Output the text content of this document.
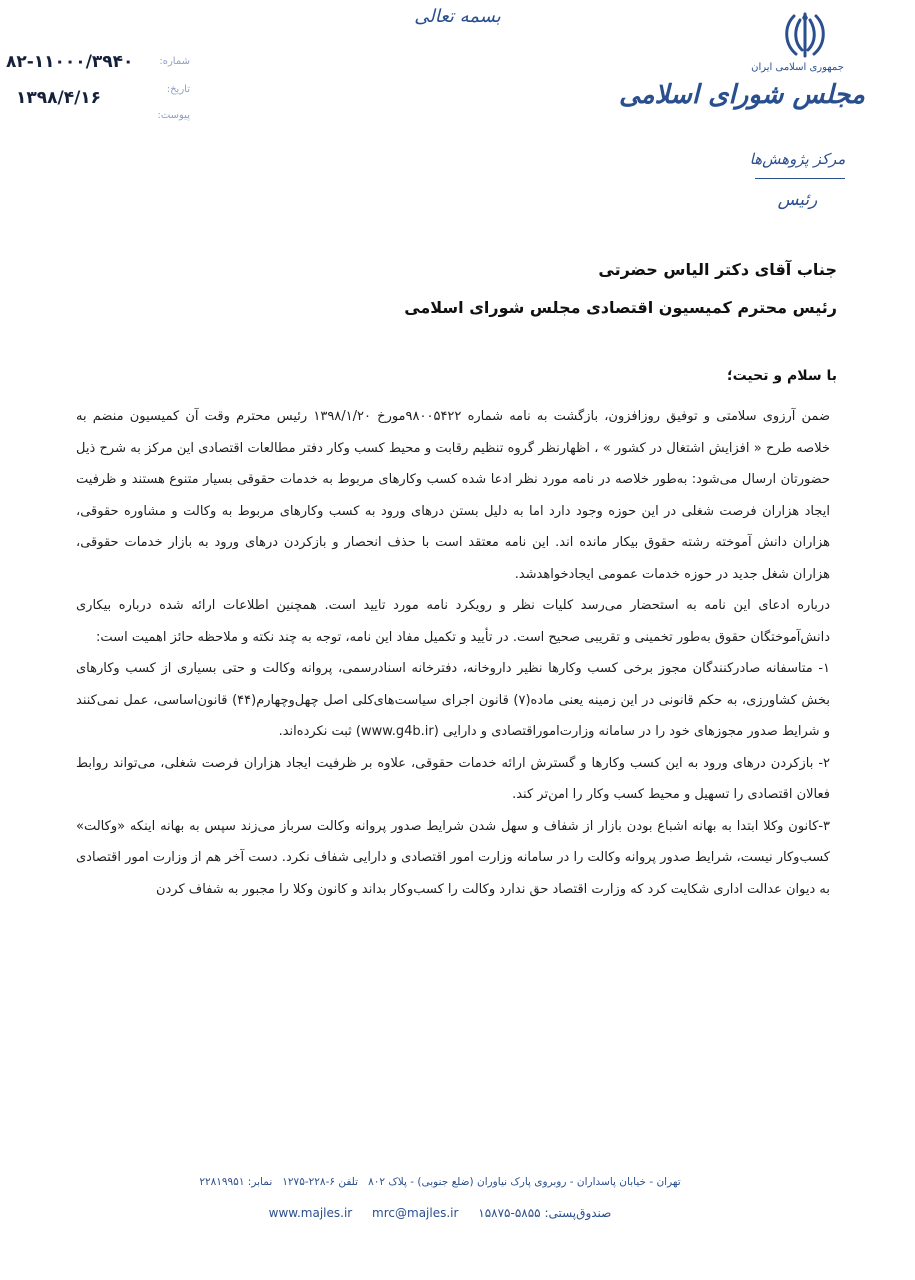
بسمه تعالی
شماره:
تاریخ:
پیوست:
۸۲-۱۱۰۰۰/۳۹۴۰
۱۳۹۸/۴/۱۶
جمهوری اسلامی ایران
مجلس شورای اسلامی
مرکز پژوهش‌ها
رئیس
جناب آقای دکتر الیاس حضرتی
رئیس محترم کمیسیون اقتصادی مجلس شورای اسلامی
با سلام و تحیت؛

ضمن آرزوی سلامتی و توفیق روزافزون، بازگشت به نامه شماره ۹۸۰۰۵۴۲۲مورخ ۱۳۹۸/۱/۲۰ رئیس محترم وقت آن کمیسیون منضم به خلاصه طرح « افزایش اشتغال در کشور » ، اظهارنظر گروه تنظیم رقابت و محیط کسب وکار دفتر مطالعات اقتصادی این مرکز به شرح ذیل حضورتان ارسال می‌شود: به‌طور خلاصه در نامه مورد نظر ادعا شده کسب وکارهای مربوط به خدمات حقوقی بسیار متنوع هستند و ظرفیت ایجاد هزاران فرصت شغلی در این حوزه وجود دارد اما به دلیل بستن درهای ورود به کسب وکارهای مربوط به وکالت و مشاوره حقوقی، هزاران دانش آموخته رشته حقوق بیکار مانده اند. این نامه معتقد است با حذف انحصار و بازکردن درهای ورود به بازار خدمات حقوقی، هزاران شغل جدید در حوزه خدمات عمومی ایجادخواهدشد.

درباره ادعای این نامه به استحضار می‌رسد کلیات نظر و رویکرد نامه مورد تایید است. همچنین اطلاعات ارائه شده درباره بیکاری دانش‌آموختگان حقوق به‌طور تخمینی و تقریبی صحیح است. در تأیید و تکمیل مفاد این نامه، توجه به چند نکته و ملاحظه حائز اهمیت است:

۱- متاسفانه صادرکنندگان مجوز برخی کسب وکارها نظیر داروخانه، دفترخانه اسنادرسمی، پروانه وکالت و حتی بسیاری از کسب وکارهای بخش کشاورزی، به حکم قانونی در این زمینه یعنی ماده(۷) قانون اجرای سیاست‌های‌کلی اصل چهل‌وچهارم(۴۴) قانون‌اساسی، عمل نمی‌کنند و شرایط صدور مجوزهای خود را در سامانه وزارت‌اموراقتصادی و دارایی (www.g4b.ir) ثبت نکرده‌اند.

۲- بازکردن درهای ورود به این کسب وکارها و گسترش ارائه خدمات حقوقی، علاوه بر ظرفیت ایجاد هزاران فرصت شغلی، می‌تواند روابط فعالان اقتصادی را تسهیل و محیط کسب وکار را امن‌تر کند.

۳-کانون وکلا ابتدا به بهانه اشباع بودن بازار از شفاف و سهل شدن شرایط صدور پروانه وکالت سرباز می‌زند سپس به بهانه اینکه «وکالت» کسب‌وکار نیست، شرایط صدور پروانه وکالت را در سامانه وزارت امور اقتصادی و دارایی شفاف نکرد. دست آخر هم از وزارت امور اقتصادی به دیوان عدالت اداری شکایت کرد که وزارت اقتصاد حق ندارد وکالت را کسب‌وکار بداند و کانون وکلا را مجبور به شفاف کردن

تهران - خیابان پاسداران - روبروی پارک نیاوران (ضلع جنوبی) - پلاک ۸۰۲   تلفن ۶-۲۲۸-۱۲۷۵   نمابر: ۲۲۸۱۹۹۵۱
صندوق‌پستی: ۵۸۵۵-۱۵۸۷۵ www.majles.ir mrc@majles.ir
